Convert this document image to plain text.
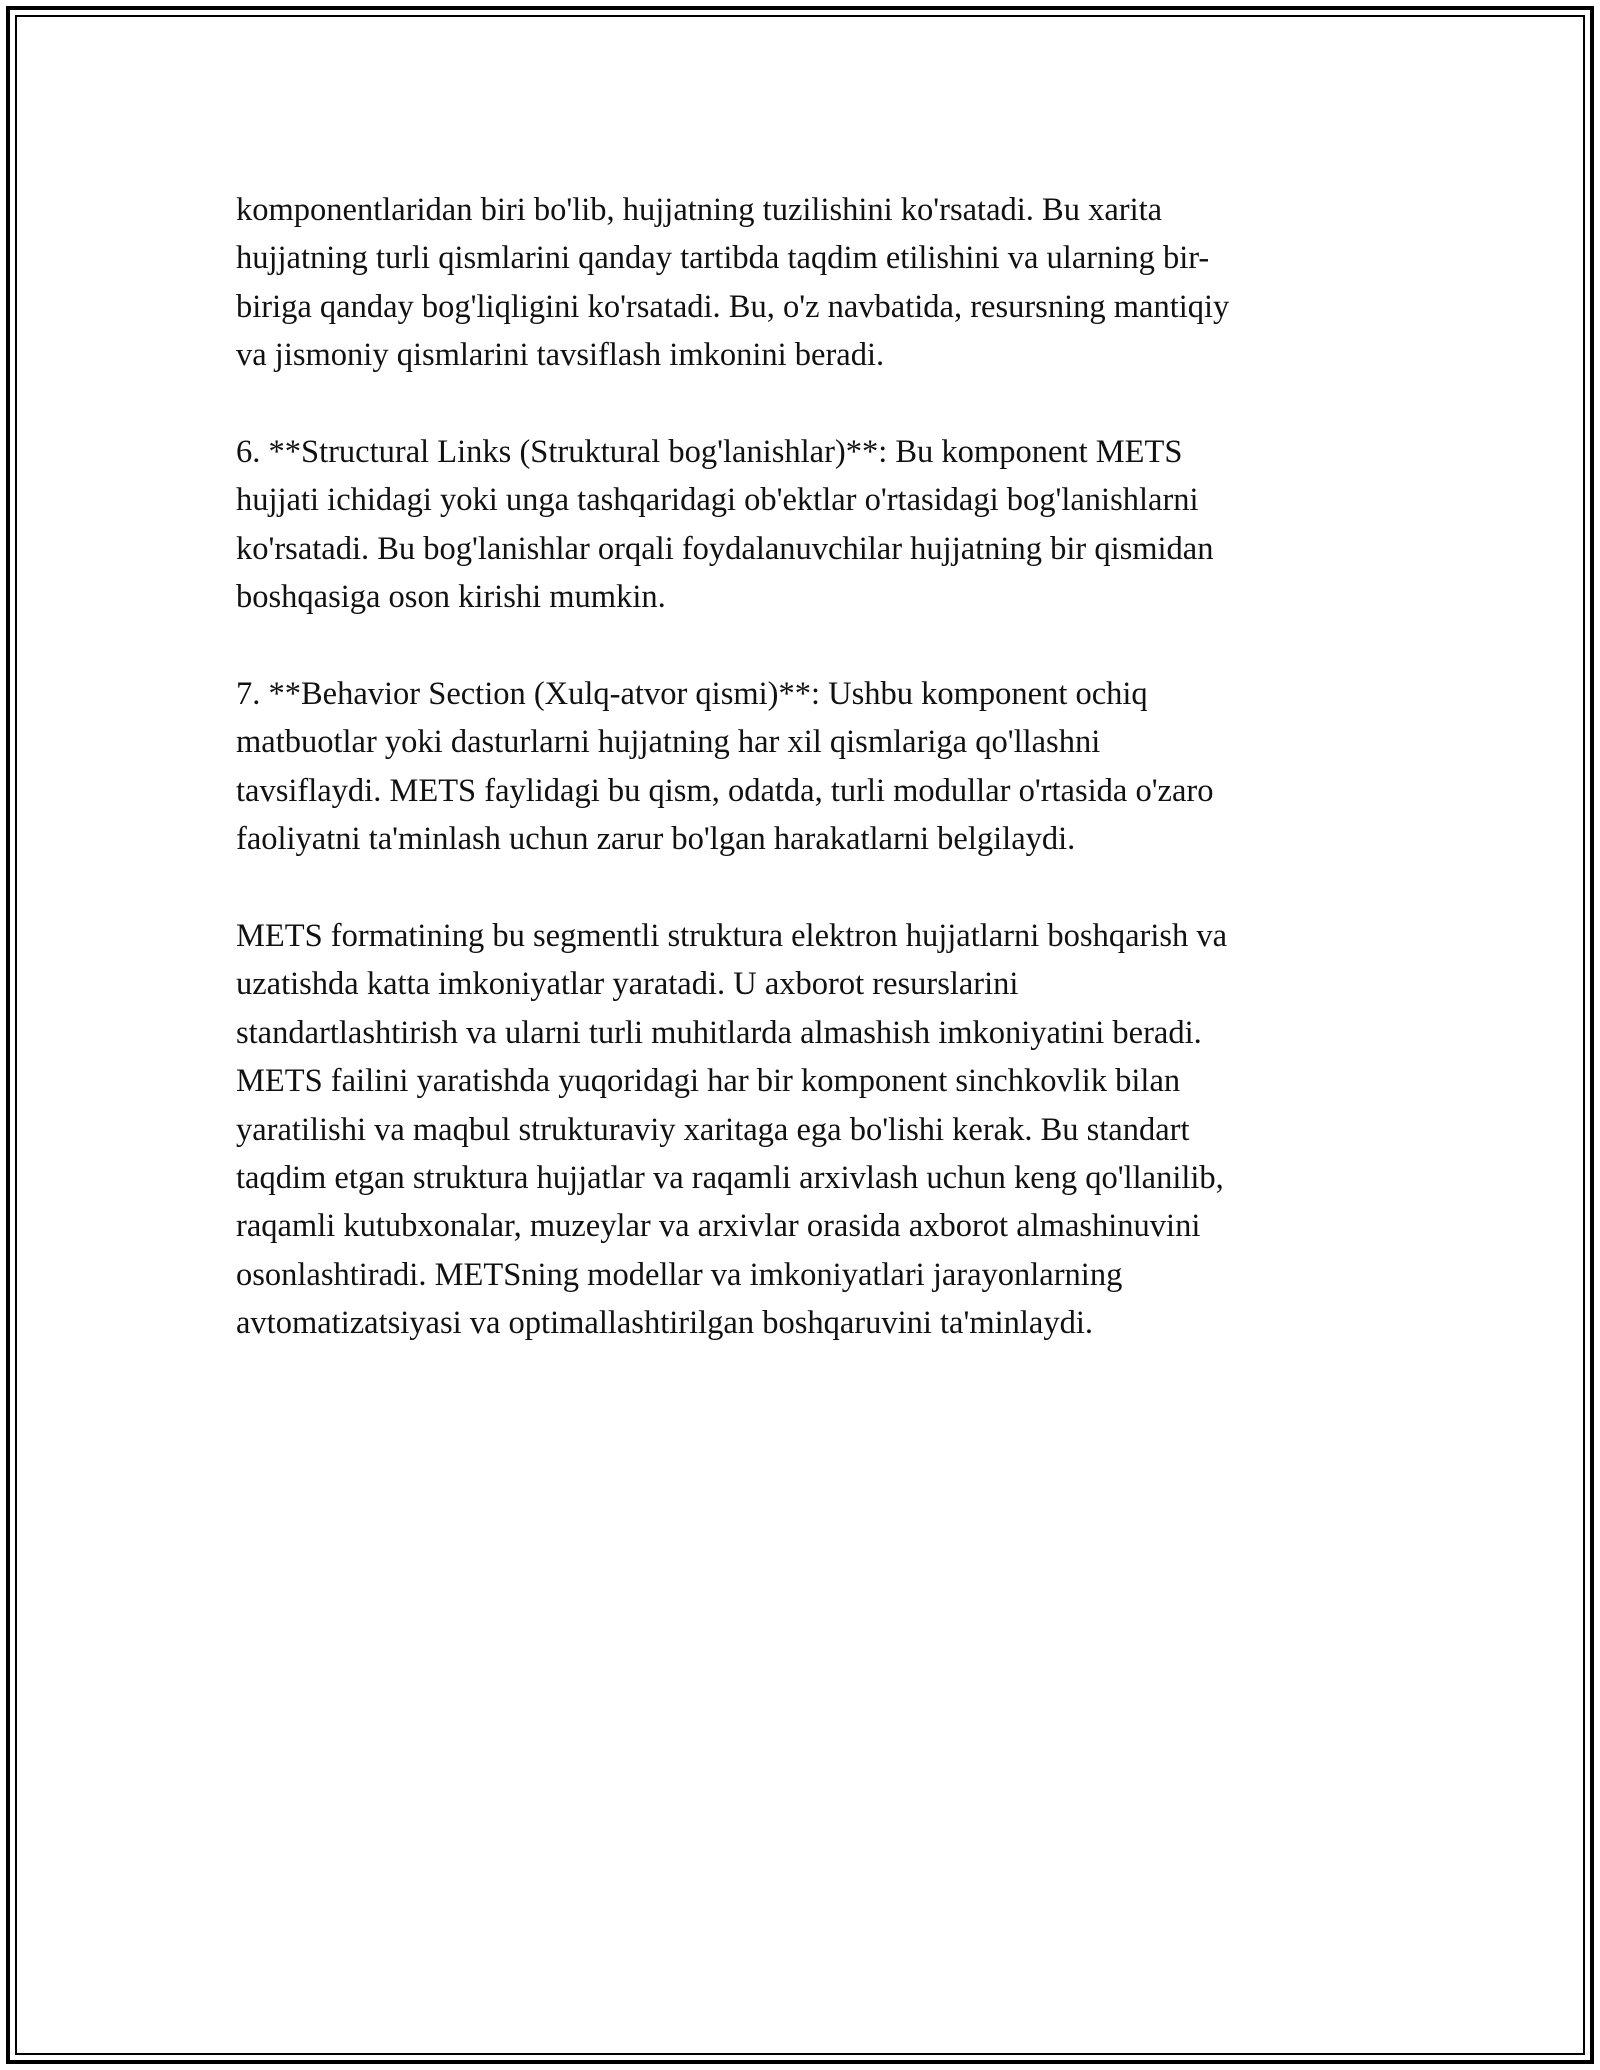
komponentlaridan biri bo'lib, hujjatning tuzilishini ko'rsatadi. Bu xarita
hujjatning turli qismlarini qanday tartibda taqdim etilishini va ularning bir-
biriga qanday bog'liqligini ko'rsatadi. Bu, o'z navbatida, resursning mantiqiy
va jismoniy qismlarini tavsiflash imkonini beradi.

6. **Structural Links (Struktural bog'lanishlar)**: Bu komponent METS
hujjati ichidagi yoki unga tashqaridagi ob'ektlar o'rtasidagi bog'lanishlarni
ko'rsatadi. Bu bog'lanishlar orqali foydalanuvchilar hujjatning bir qismidan
boshqasiga oson kirishi mumkin.

7. **Behavior Section (Xulq-atvor qismi)**: Ushbu komponent ochiq
matbuotlar yoki dasturlarni hujjatning har xil qismlariga qo'llashni
tavsiflaydi. METS faylidagi bu qism, odatda, turli modullar o'rtasida o'zaro
faoliyatni ta'minlash uchun zarur bo'lgan harakatlarni belgilaydi.

METS formatining bu segmentli struktura elektron hujjatlarni boshqarish va
uzatishda katta imkoniyatlar yaratadi. U axborot resurslarini
standartlashtirish va ularni turli muhitlarda almashish imkoniyatini beradi.
METS failini yaratishda yuqoridagi har bir komponent sinchkovlik bilan
yaratilishi va maqbul strukturaviy xaritaga ega bo'lishi kerak. Bu standart
taqdim etgan struktura hujjatlar va raqamli arxivlash uchun keng qo'llanilib,
raqamli kutubxonalar, muzeylar va arxivlar orasida axborot almashinuvini
osonlashtiradi. METSning modellar va imkoniyatlari jarayonlarning
avtomatizatsiyasi va optimallashtirilgan boshqaruvini ta'minlaydi.
